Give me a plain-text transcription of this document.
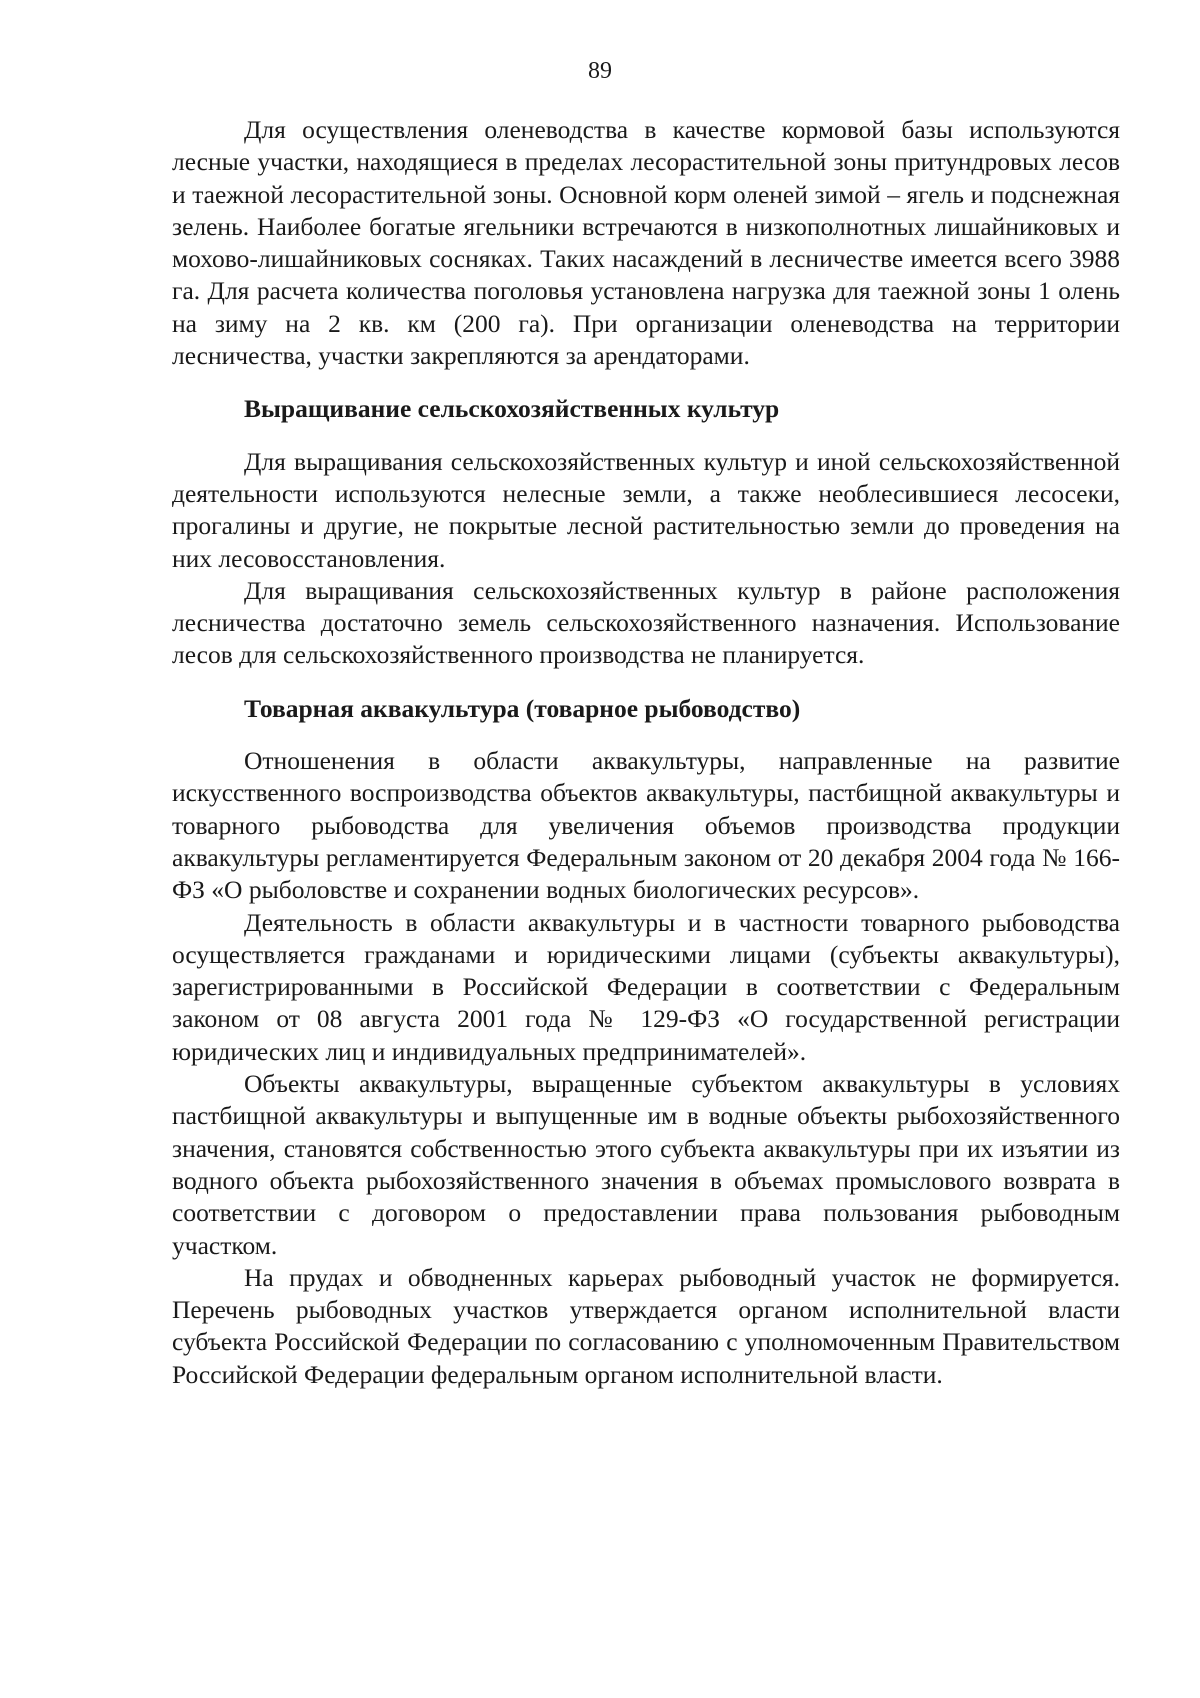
89

Для осуществления оленеводства в качестве кормовой базы используются лесные участки, находящиеся в пределах лесорастительной зоны притундровых лесов и таежной лесорастительной зоны. Основной корм оленей зимой – ягель и подснежная зелень. Наиболее богатые ягельники встречаются в низкополнотных лишайниковых и мохово-лишайниковых сосняках. Таких насаждений в лесничестве имеется всего 3988 га. Для расчета количества поголовья установлена нагрузка для таежной зоны 1 олень на зиму на 2 кв. км (200 га). При организации оленеводства на территории лесничества, участки закрепляются за арендаторами.

Выращивание сельскохозяйственных культур

Для выращивания сельскохозяйственных культур и иной сельскохозяйственной деятельности используются нелесные земли, а также необлесившиеся лесосеки, прогалины и другие, не покрытые лесной растительностью земли до проведения на них лесовосстановления.

Для выращивания сельскохозяйственных культур в районе расположения лесничества достаточно земель сельскохозяйственного назначения. Использование лесов для сельскохозяйственного производства не планируется.

Товарная аквакультура (товарное рыбоводство)

Отношенения в области аквакультуры, направленные на развитие искусственного воспроизводства объектов аквакультуры, пастбищной аквакультуры и товарного рыбоводства для увеличения объемов производства продукции аквакультуры регламентируется Федеральным законом от 20 декабря 2004 года № 166-ФЗ «О рыболовстве и сохранении водных биологических ресурсов».

Деятельность в области аквакультуры и в частности товарного рыбоводства осуществляется гражданами и юридическими лицами (субъекты аквакультуры), зарегистрированными в Российской Федерации в соответствии с Федеральным законом от 08 августа 2001 года № 129-ФЗ «О государственной регистрации юридических лиц и индивидуальных предпринимателей».

Объекты аквакультуры, выращенные субъектом аквакультуры в условиях пастбищной аквакультуры и выпущенные им в водные объекты рыбохозяйственного значения, становятся собственностью этого субъекта аквакультуры при их изъятии из водного объекта рыбохозяйственного значения в объемах промыслового возврата в соответствии с договором о предоставлении права пользования рыбоводным участком.

На прудах и обводненных карьерах рыбоводный участок не формируется. Перечень рыбоводных участков утверждается органом исполнительной власти субъекта Российской Федерации по согласованию с уполномоченным Правительством Российской Федерации федеральным органом исполнительной власти.
